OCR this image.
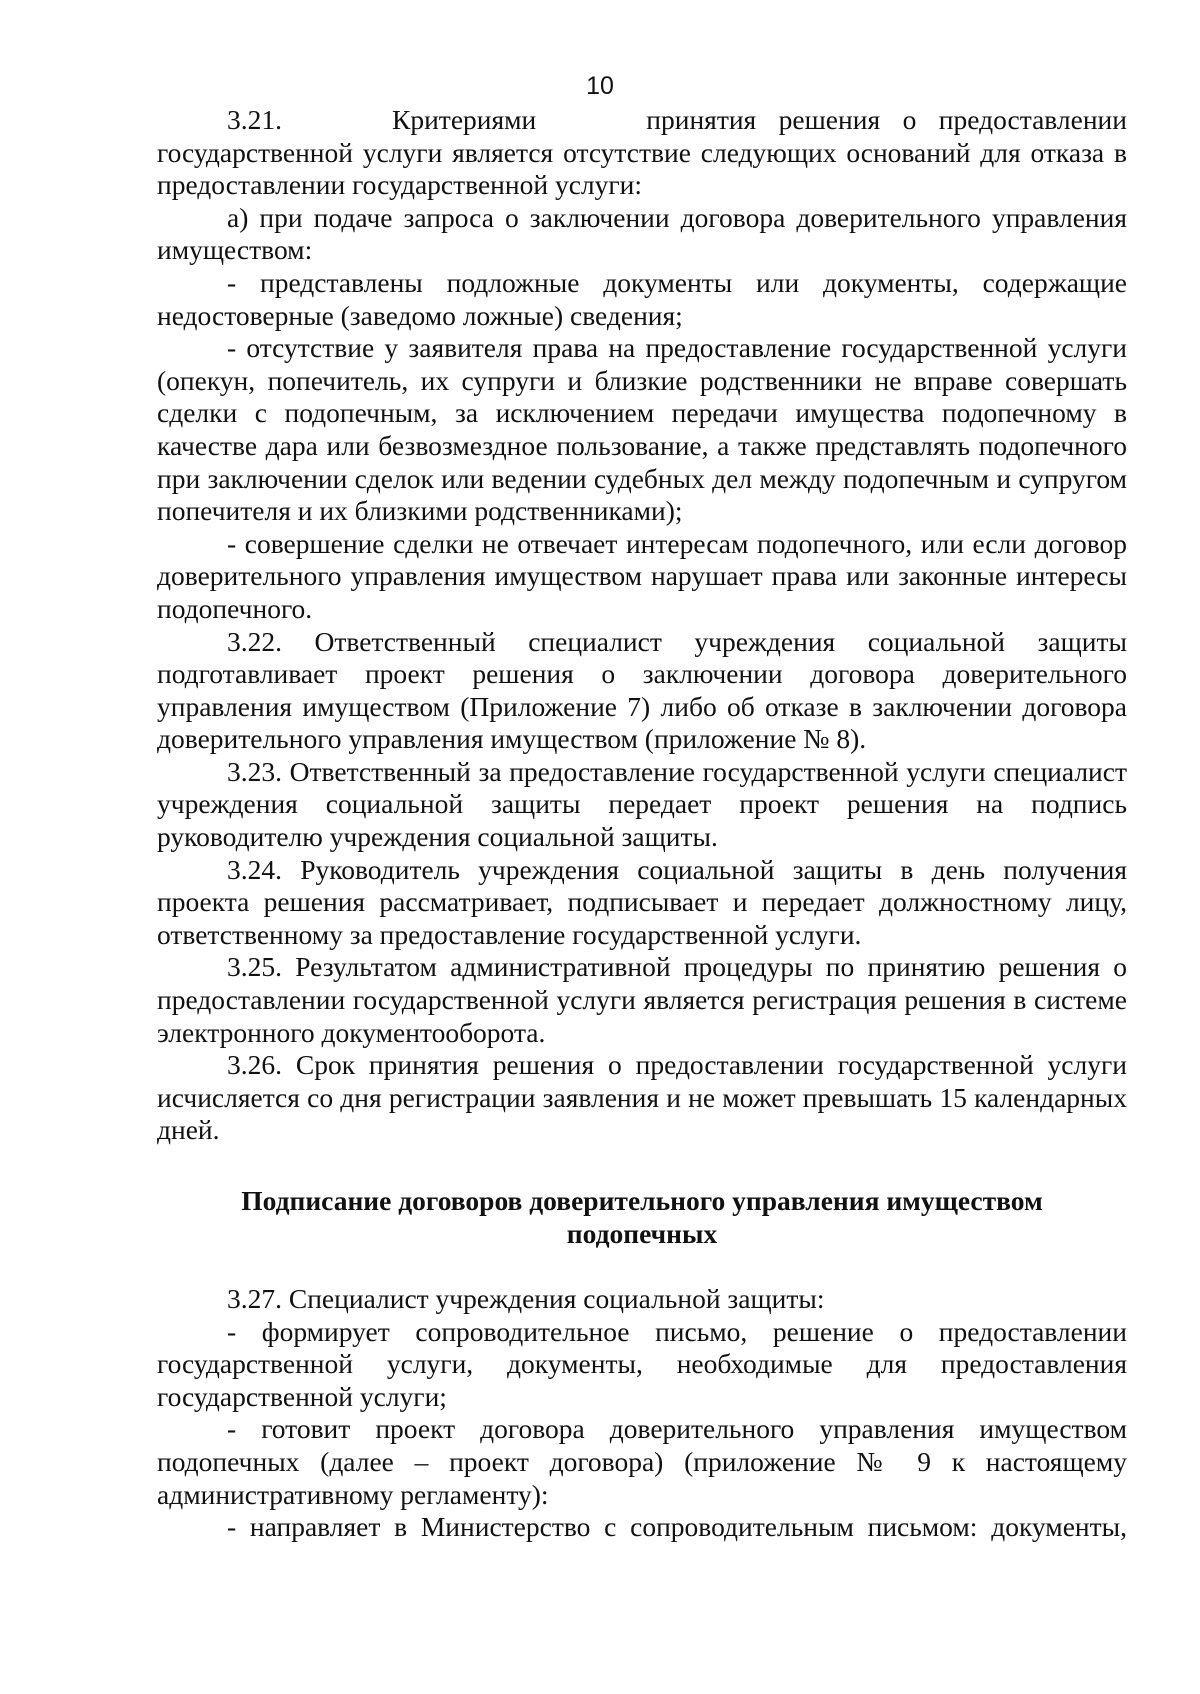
10

3.21.    Критериями    принятия решения о предоставлении государственной услуги является отсутствие следующих оснований для отказа в предоставлении государственной услуги:

а) при подаче запроса о заключении договора доверительного управления имуществом:

- представлены подложные документы или документы, содержащие недостоверные (заведомо ложные) сведения;

- отсутствие у заявителя права на предоставление государственной услуги (опекун, попечитель, их супруги и близкие родственники не вправе совершать сделки с подопечным, за исключением передачи имущества подопечному в качестве дара или безвозмездное пользование, а также представлять подопечного при заключении сделок или ведении судебных дел между подопечным и супругом попечителя и их близкими родственниками);

- совершение сделки не отвечает интересам подопечного, или если договор доверительного управления имуществом нарушает права или законные интересы подопечного.

3.22. Ответственный специалист учреждения социальной защиты подготавливает проект решения о заключении договора доверительного управления имуществом (Приложение 7) либо об отказе в заключении договора доверительного управления имуществом (приложение № 8).

3.23. Ответственный за предоставление государственной услуги специалист учреждения социальной защиты передает проект решения на подпись руководителю учреждения социальной защиты.

3.24. Руководитель учреждения социальной защиты в день получения проекта решения рассматривает, подписывает и передает должностному лицу, ответственному за предоставление государственной услуги.

3.25. Результатом административной процедуры по принятию решения о предоставлении государственной услуги является регистрация решения в системе электронного документооборота.

3.26. Срок принятия решения о предоставлении государственной услуги исчисляется со дня регистрации заявления и не может превышать 15 календарных дней.

Подписание договоров доверительного управления имуществом
подопечных

3.27. Специалист учреждения социальной защиты:

- формирует сопроводительное письмо, решение о предоставлении государственной услуги, документы, необходимые для предоставления государственной услуги;

- готовит проект договора доверительного управления имуществом подопечных (далее – проект договора) (приложение № 9 к настоящему административному регламенту):

- направляет в Министерство с сопроводительным письмом: документы,
